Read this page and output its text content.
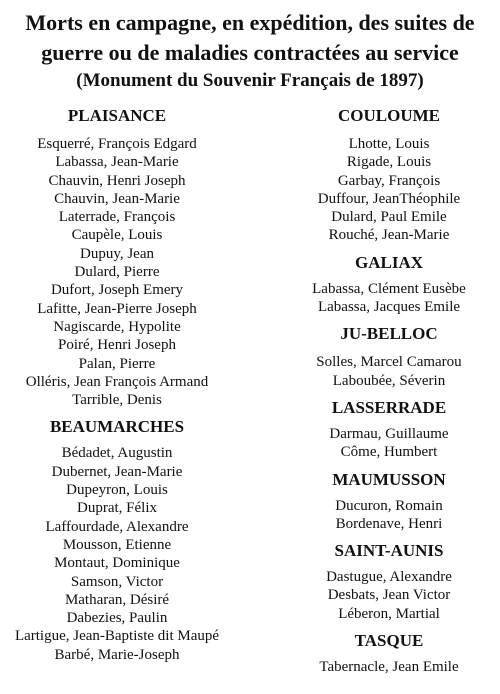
Morts en campagne, en expédition, des suites de
guerre ou de maladies contractées au service
(Monument du Souvenir Français de 1897)
PLAISANCE
Esquerré, François Edgard
Labassa, Jean-Marie
Chauvin, Henri Joseph
Chauvin, Jean-Marie
Laterrade, François
Caupèle, Louis
Dupuy, Jean
Dulard, Pierre
Dufort, Joseph Emery
Lafitte, Jean-Pierre Joseph
Nagiscarde, Hypolite
Poiré, Henri Joseph
Palan, Pierre
Olléris, Jean François Armand
Tarrible, Denis
BEAUMARCHES
Bédadet, Augustin
Dubernet, Jean-Marie
Dupeyron, Louis
Duprat, Félix
Laffourdade, Alexandre
Mousson, Etienne
Montaut, Dominique
Samson, Victor
Matharan, Désiré
Dabezies, Paulin
Lartigue, Jean-Baptiste dit Maupé
Barbé, Marie-Joseph
COULOUME
Lhotte, Louis
Rigade, Louis
Garbay, François
Duffour, JeanThéophile
Dulard, Paul Emile
Rouché, Jean-Marie
GALIAX
Labassa, Clément Eusèbe
Labassa, Jacques Emile
JU-BELLOC
Solles, Marcel Camarou
Laboubée, Séverin
LASSERRADE
Darmau, Guillaume
Côme, Humbert
MAUMUSSON
Ducuron, Romain
Bordenave, Henri
SAINT-AUNIS
Dastugue, Alexandre
Desbats, Jean Victor
Léberon, Martial
TASQUE
Tabernacle, Jean Emile
